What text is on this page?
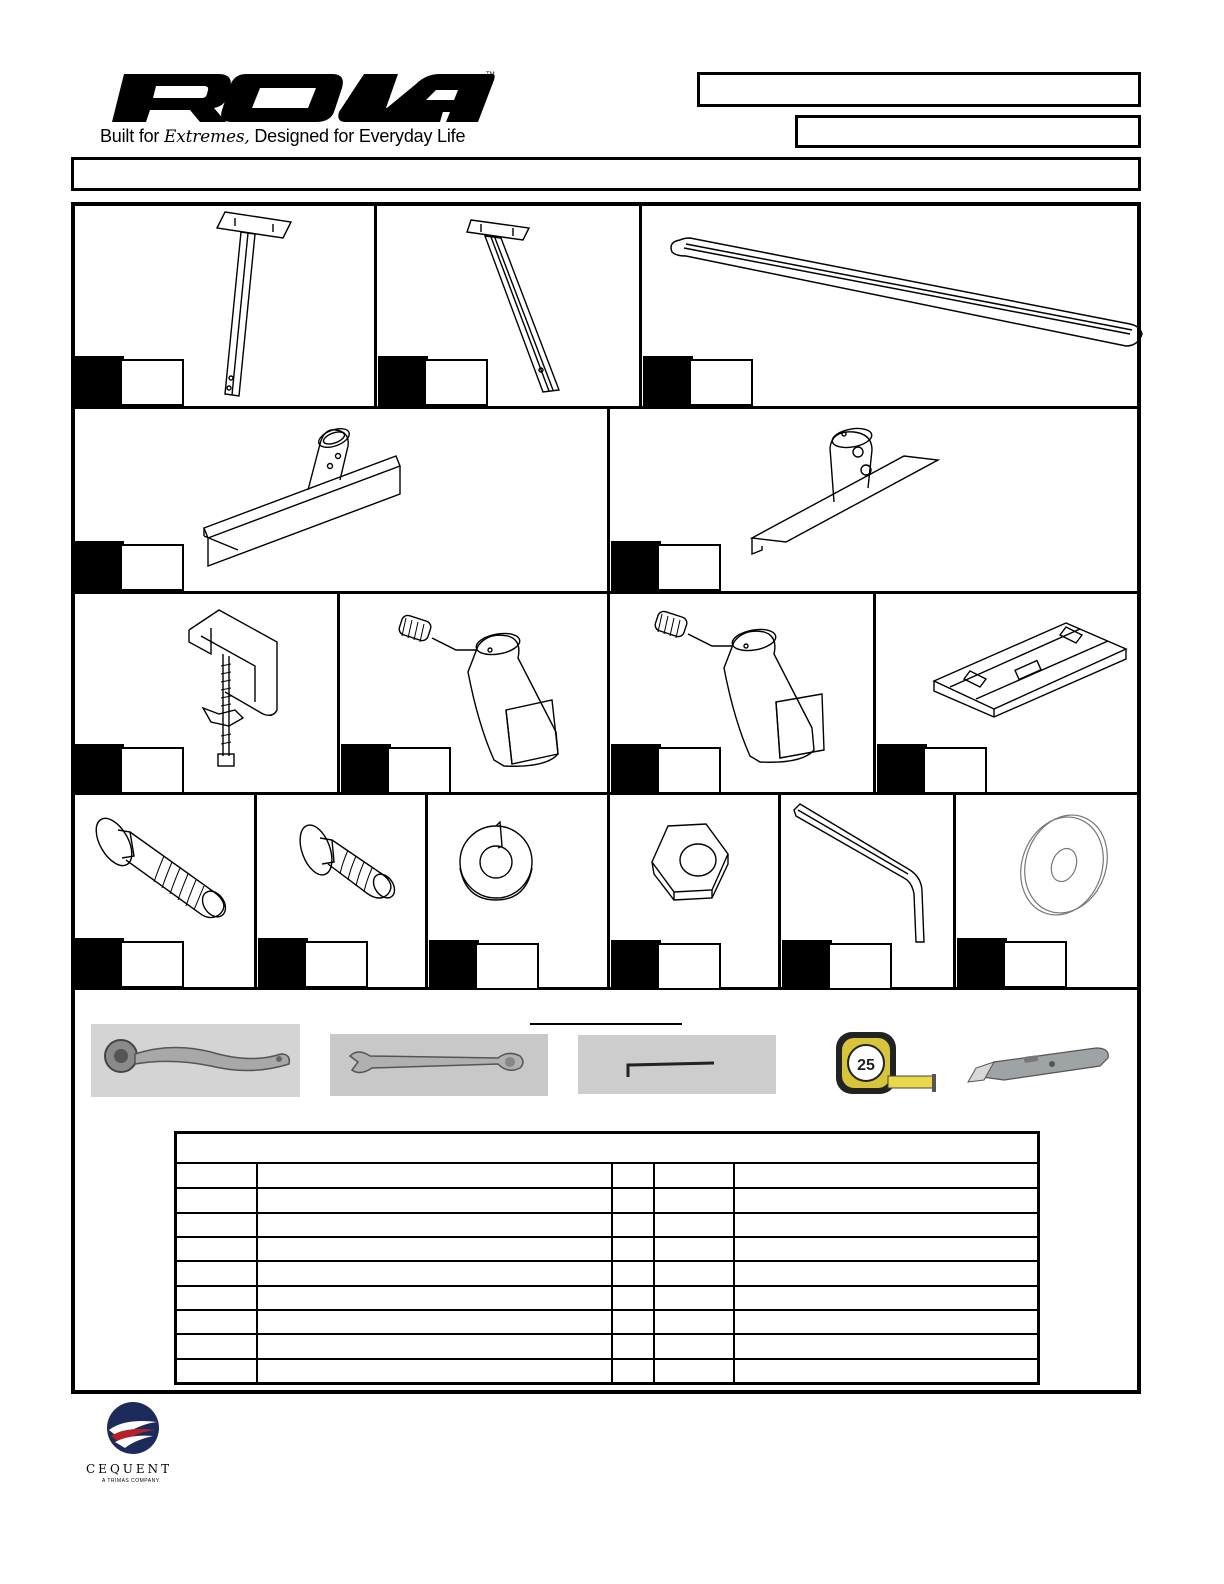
TM
Built for Extremes, Designed for Everyday Life
25
CEQUENT
A TRIMAS COMPANY
